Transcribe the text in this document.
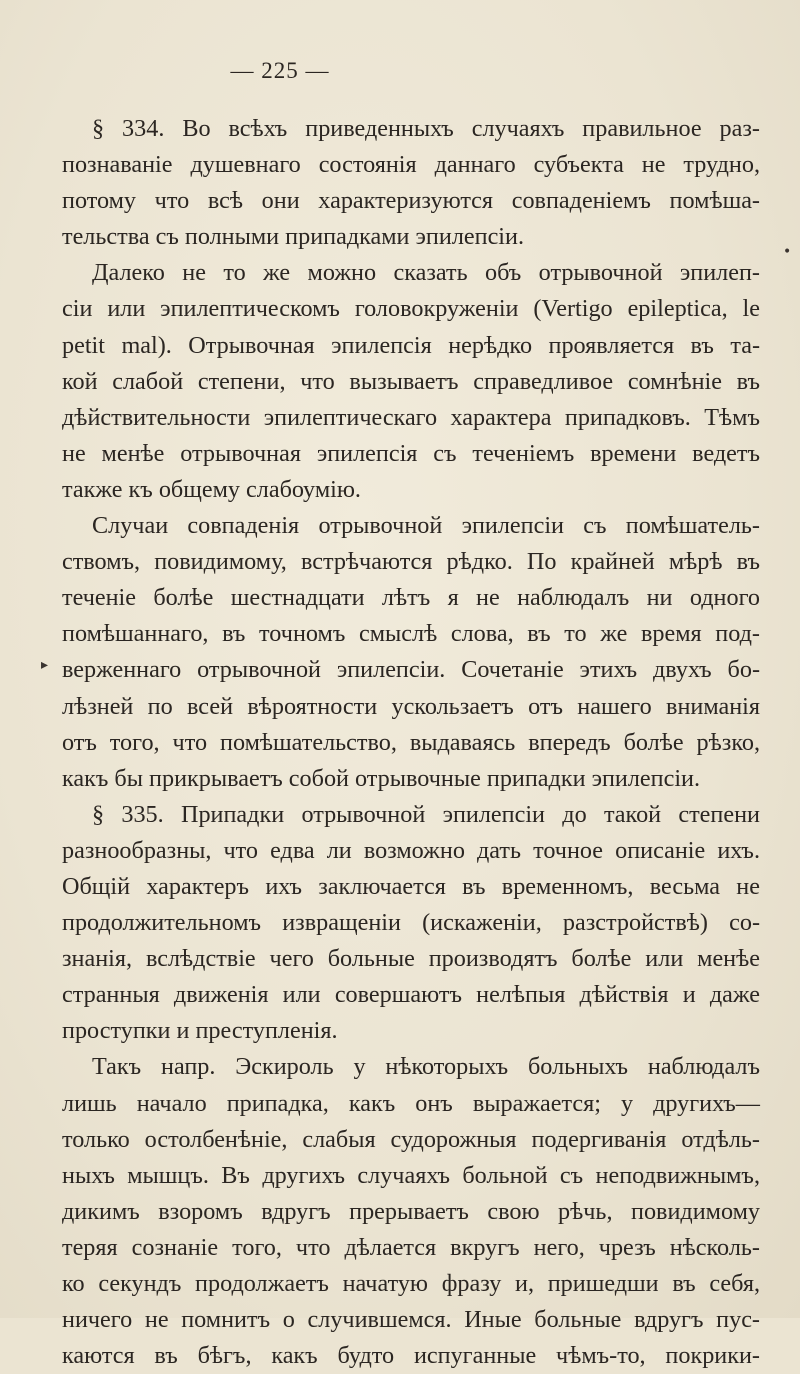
— 225 —
§ 334. Во всѣхъ приведенныхъ случаяхъ правильное раз-
познаваніе душевнаго состоянія даннаго субъекта не трудно,
потому что всѣ они характеризуются совпаденіемъ помѣша-
тельства съ полными припадками эпилепсіи.
Далеко не то же можно сказать объ отрывочной эпилеп-
сіи или эпилептическомъ головокруженіи (Vertigo epileptica, le
petit mal). Отрывочная эпилепсія нерѣдко проявляется въ та-
кой слабой степени, что вызываетъ справедливое сомнѣніе въ
дѣйствительности эпилептическаго характера припадковъ. Тѣмъ
не менѣе отрывочная эпилепсія съ теченіемъ времени ведетъ
также къ общему слабоумію.
Случаи совпаденія отрывочной эпилепсіи съ помѣшатель-
ствомъ, повидимому, встрѣчаются рѣдко. По крайней мѣрѣ въ
теченіе болѣе шестнадцати лѣтъ я не наблюдалъ ни одного
помѣшаннаго, въ точномъ смыслѣ слова, въ то же время под-
верженнаго отрывочной эпилепсіи. Сочетаніе этихъ двухъ бо-
лѣзней по всей вѣроятности ускользаетъ отъ нашего вниманія
отъ того, что помѣшательство, выдаваясь впередъ болѣе рѣзко,
какъ бы прикрываетъ собой отрывочные припадки эпилепсіи.
§ 335. Припадки отрывочной эпилепсіи до такой степени
разнообразны, что едва ли возможно дать точное описаніе ихъ.
Общій характеръ ихъ заключается въ временномъ, весьма не
продолжительномъ извращеніи (искаженіи, разстройствѣ) со-
знанія, вслѣдствіе чего больные производятъ болѣе или менѣе
странныя движенія или совершаютъ нелѣпыя дѣйствія и даже
проступки и преступленія.
Такъ напр. Эскироль у нѣкоторыхъ больныхъ наблюдалъ
лишь начало припадка, какъ онъ выражается; у другихъ—
только остолбенѣніе, слабыя судорожныя подергиванія отдѣль-
ныхъ мышцъ. Въ другихъ случаяхъ больной съ неподвижнымъ,
дикимъ взоромъ вдругъ прерываетъ свою рѣчь, повидимому
теряя сознаніе того, что дѣлается вкругъ него, чрезъ нѣсколь-
ко секундъ продолжаетъ начатую фразу и, пришедши въ себя,
ничего не помнитъ о случившемся. Иные больные вдругъ пус-
каются въ бѣгъ, какъ будто испуганные чѣмъ-то, покрики-
•
▸
